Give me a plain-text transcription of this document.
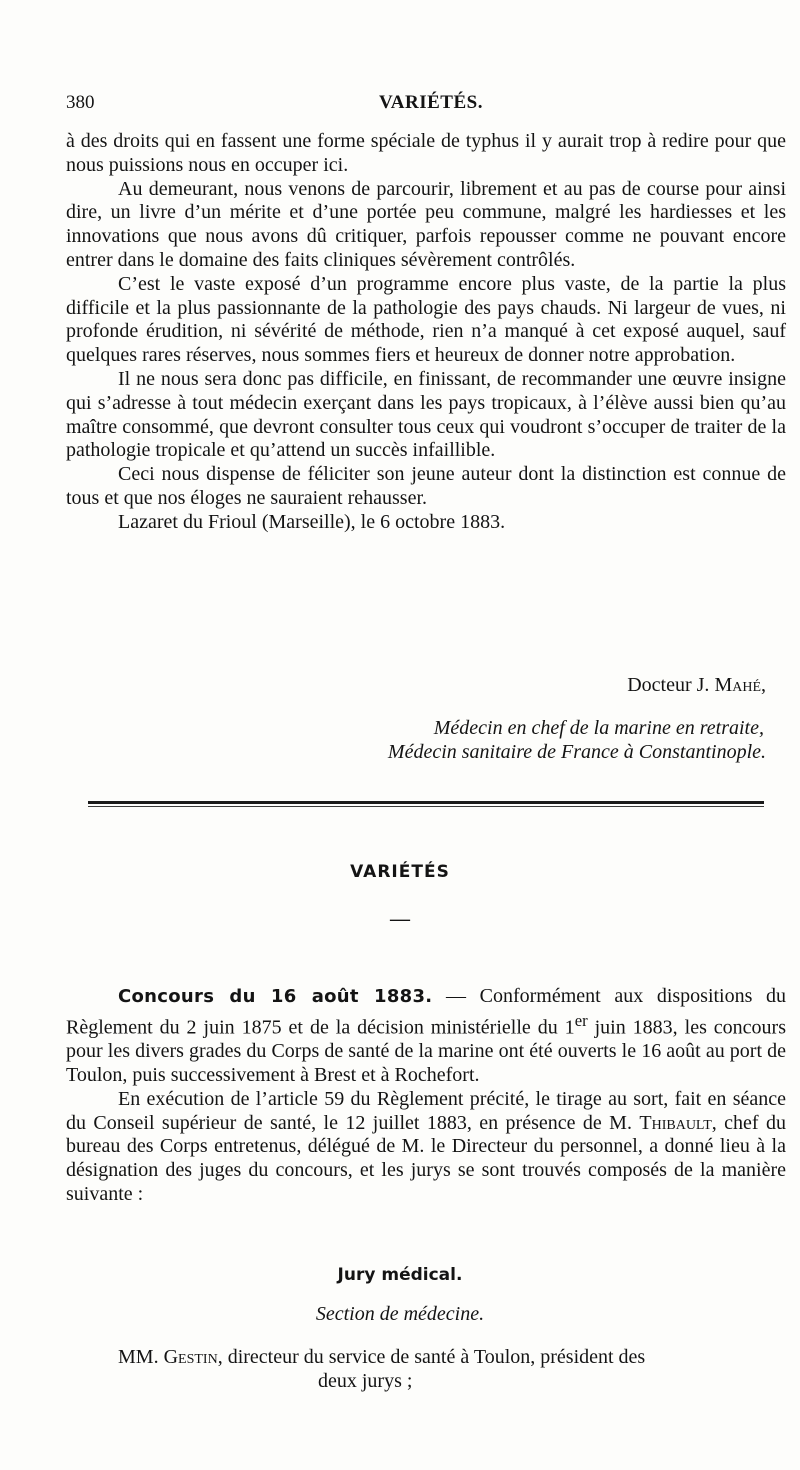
380	VARIÉTÉS.

à des droits qui en fassent une forme spéciale de typhus il y aurait trop à redire pour que nous puissions nous en occuper ici.

Au demeurant, nous venons de parcourir, librement et au pas de course pour ainsi dire, un livre d’un mérite et d’une portée peu commune, malgré les hardiesses et les innovations que nous avons dû critiquer, parfois repousser comme ne pouvant encore entrer dans le domaine des faits cliniques sévèrement contrôlés.

C’est le vaste exposé d’un programme encore plus vaste, de la partie la plus difficile et la plus passionnante de la pathologie des pays chauds. Ni largeur de vues, ni profonde érudition, ni sévérité de méthode, rien n’a manqué à cet exposé auquel, sauf quelques rares réserves, nous sommes fiers et heureux de donner notre approbation.

Il ne nous sera donc pas difficile, en finissant, de recommander une œuvre insigne qui s’adresse à tout médecin exerçant dans les pays tropicaux, à l’élève aussi bien qu’au maître consommé, que devront consulter tous ceux qui voudront s’occuper de traiter de la pathologie tropicale et qu’attend un succès infaillible.

Ceci nous dispense de féliciter son jeune auteur dont la distinction est connue de tous et que nos éloges ne sauraient rehausser.

Lazaret du Frioul (Marseille), le 6 octobre 1883.

Docteur J. Mahé,
Médecin en chef de la marine en retraite,
Médecin sanitaire de France à Constantinople.
VARIÉTÉS
—

Concours du 16 août 1883. — Conformément aux dispositions du Règlement du 2 juin 1875 et de la décision ministérielle du 1er juin 1883, les concours pour les divers grades du Corps de santé de la marine ont été ouverts le 16 août au port de Toulon, puis successivement à Brest et à Rochefort.

En exécution de l’article 59 du Règlement précité, le tirage au sort, fait en séance du Conseil supérieur de santé, le 12 juillet 1883, en présence de M. Thibault, chef du bureau des Corps entretenus, délégué de M. le Directeur du personnel, a donné lieu à la désignation des juges du concours, et les jurys se sont trouvés composés de la manière suivante :

Jury médical.
Section de médecine.
MM. Gestin, directeur du service de santé à Toulon, président des
deux jurys ;
